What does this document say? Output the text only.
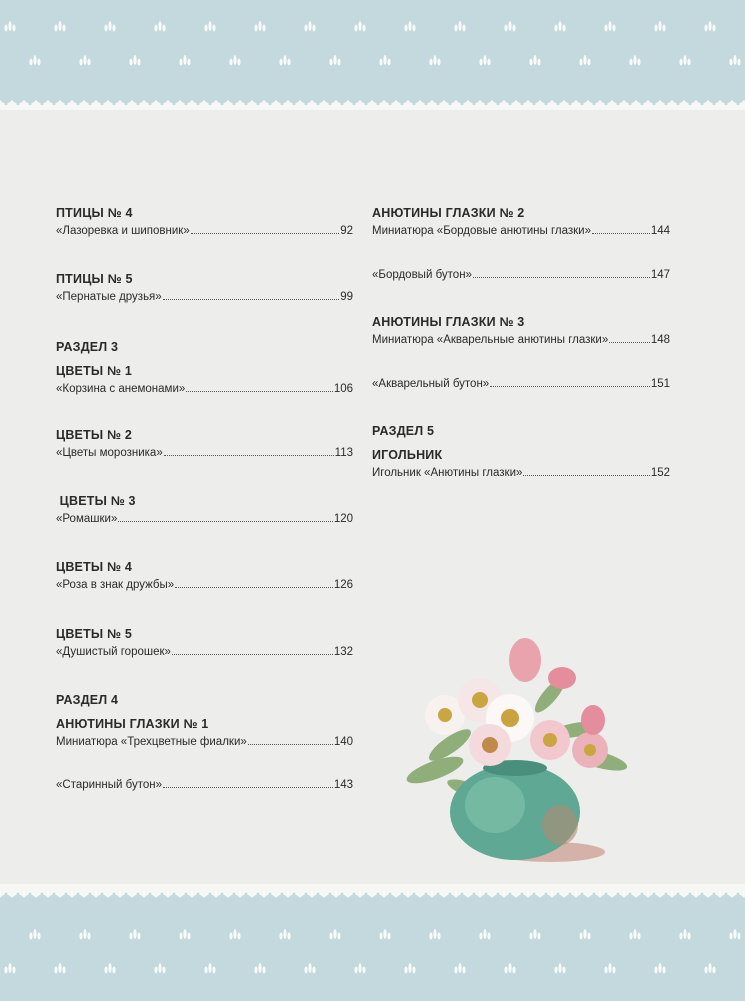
ПТИЦЫ № 4
«Лазоревка и шиповник»	92
ПТИЦЫ № 5
«Пернатые друзья»	99
РАЗДЕЛ 3
ЦВЕТЫ № 1
«Корзина с анемонами»	106
ЦВЕТЫ № 2
«Цветы морозника»	113
ЦВЕТЫ № 3
«Ромашки»	120
ЦВЕТЫ № 4
«Роза в знак дружбы»	126
ЦВЕТЫ № 5
«Душистый горошек»	132
РАЗДЕЛ 4
АНЮТИНЫ ГЛАЗКИ № 1
Миниатюра «Трехцветные фиалки»	140
«Старинный бутон»	143
АНЮТИНЫ ГЛАЗКИ № 2
Миниатюра «Бордовые анютины глазки»	144
«Бордовый бутон»	147
АНЮТИНЫ ГЛАЗКИ № 3
Миниатюра «Акварельные анютины глазки»	148
«Акварельный бутон»	151
РАЗДЕЛ 5
ИГОЛЬНИК
Игольник «Анютины глазки»	152
